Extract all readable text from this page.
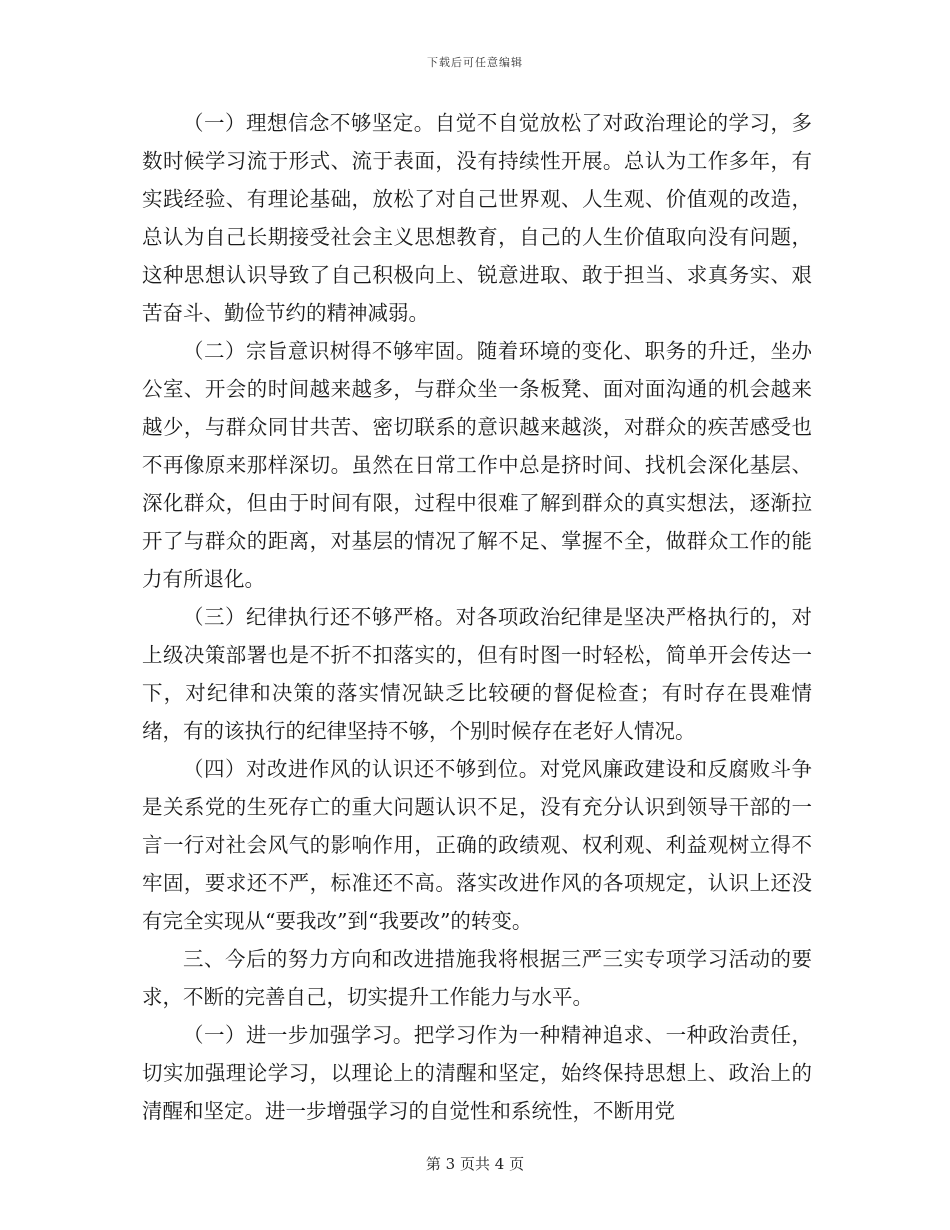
下载后可任意编辑

（一）理想信念不够坚定。自觉不自觉放松了对政治理论的学习，多数时候学习流于形式、流于表面，没有持续性开展。总认为工作多年，有实践经验、有理论基础，放松了对自己世界观、人生观、价值观的改造，总认为自己长期接受社会主义思想教育，自己的人生价值取向没有问题，这种思想认识导致了自己积极向上、锐意进取、敢于担当、求真务实、艰苦奋斗、勤俭节约的精神减弱。

（二）宗旨意识树得不够牢固。随着环境的变化、职务的升迁，坐办公室、开会的时间越来越多，与群众坐一条板凳、面对面沟通的机会越来越少，与群众同甘共苦、密切联系的意识越来越淡，对群众的疾苦感受也不再像原来那样深切。虽然在日常工作中总是挤时间、找机会深化基层、深化群众，但由于时间有限，过程中很难了解到群众的真实想法，逐渐拉开了与群众的距离，对基层的情况了解不足、掌握不全，做群众工作的能力有所退化。

（三）纪律执行还不够严格。对各项政治纪律是坚决严格执行的，对上级决策部署也是不折不扣落实的，但有时图一时轻松，简单开会传达一下，对纪律和决策的落实情况缺乏比较硬的督促检查；有时存在畏难情绪，有的该执行的纪律坚持不够，个别时候存在老好人情况。

（四）对改进作风的认识还不够到位。对党风廉政建设和反腐败斗争是关系党的生死存亡的重大问题认识不足，没有充分认识到领导干部的一言一行对社会风气的影响作用，正确的政绩观、权利观、利益观树立得不牢固，要求还不严，标准还不高。落实改进作风的各项规定，认识上还没有完全实现从“要我改”到“我要改”的转变。

三、今后的努力方向和改进措施我将根据三严三实专项学习活动的要求，不断的完善自己，切实提升工作能力与水平。

（一）进一步加强学习。把学习作为一种精神追求、一种政治责任，切实加强理论学习，以理论上的清醒和坚定，始终保持思想上、政治上的清醒和坚定。进一步增强学习的自觉性和系统性，不断用党

第 3 页共 4 页
